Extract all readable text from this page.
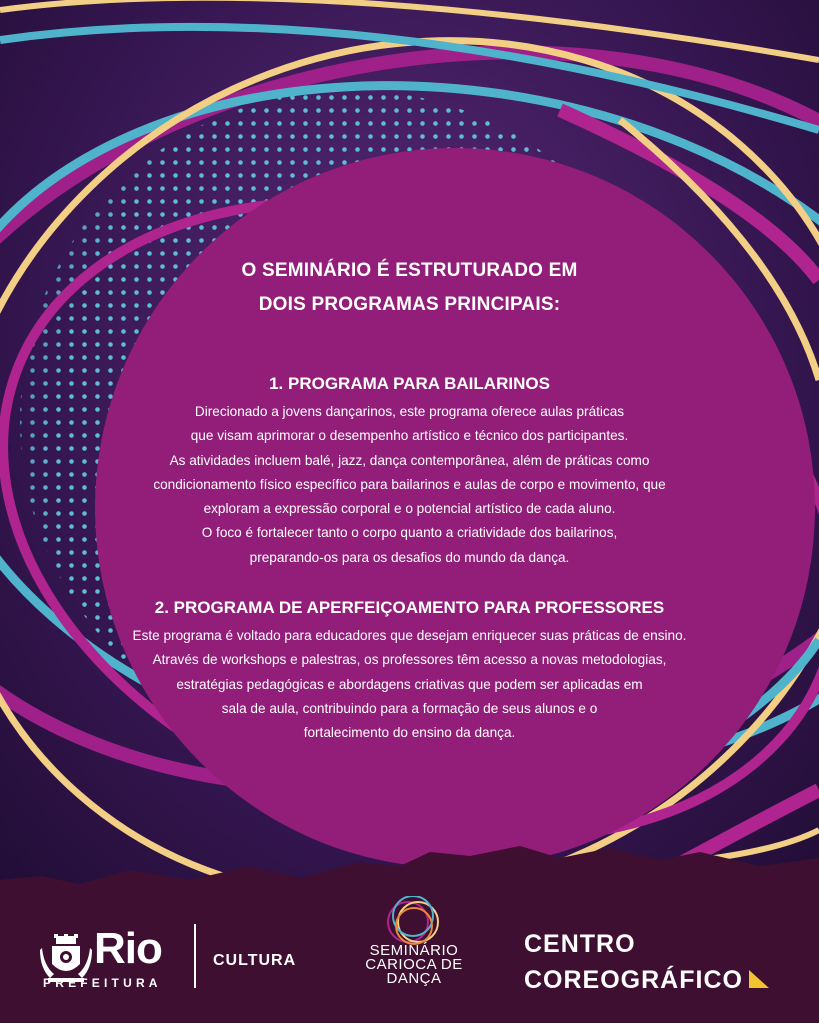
O SEMINÁRIO É ESTRUTURADO EM
DOIS PROGRAMAS PRINCIPAIS:
1. PROGRAMA PARA BAILARINOS
Direcionado a jovens dançarinos, este programa oferece aulas práticas
que visam aprimorar o desempenho artístico e técnico dos participantes.
As atividades incluem balé, jazz, dança contemporânea, além de práticas como
condicionamento físico específico para bailarinos e aulas de corpo e movimento, que
exploram a expressão corporal e o potencial artístico de cada aluno.
O foco é fortalecer tanto o corpo quanto a criatividade dos bailarinos,
preparando-os para os desafios do mundo da dança.
2. PROGRAMA DE APERFEIÇOAMENTO PARA PROFESSORES
Este programa é voltado para educadores que desejam enriquecer suas práticas de ensino.
Através de workshops e palestras, os professores têm acesso a novas metodologias,
estratégias pedagógicas e abordagens criativas que podem ser aplicadas em
sala de aula, contribuindo para a formação de seus alunos e o
fortalecimento do ensino da dança.
Rio
PREFEITURA
CULTURA
SEMINÁRIO
CARIOCA DE
DANÇA
CENTRO
COREOGRÁFICO
